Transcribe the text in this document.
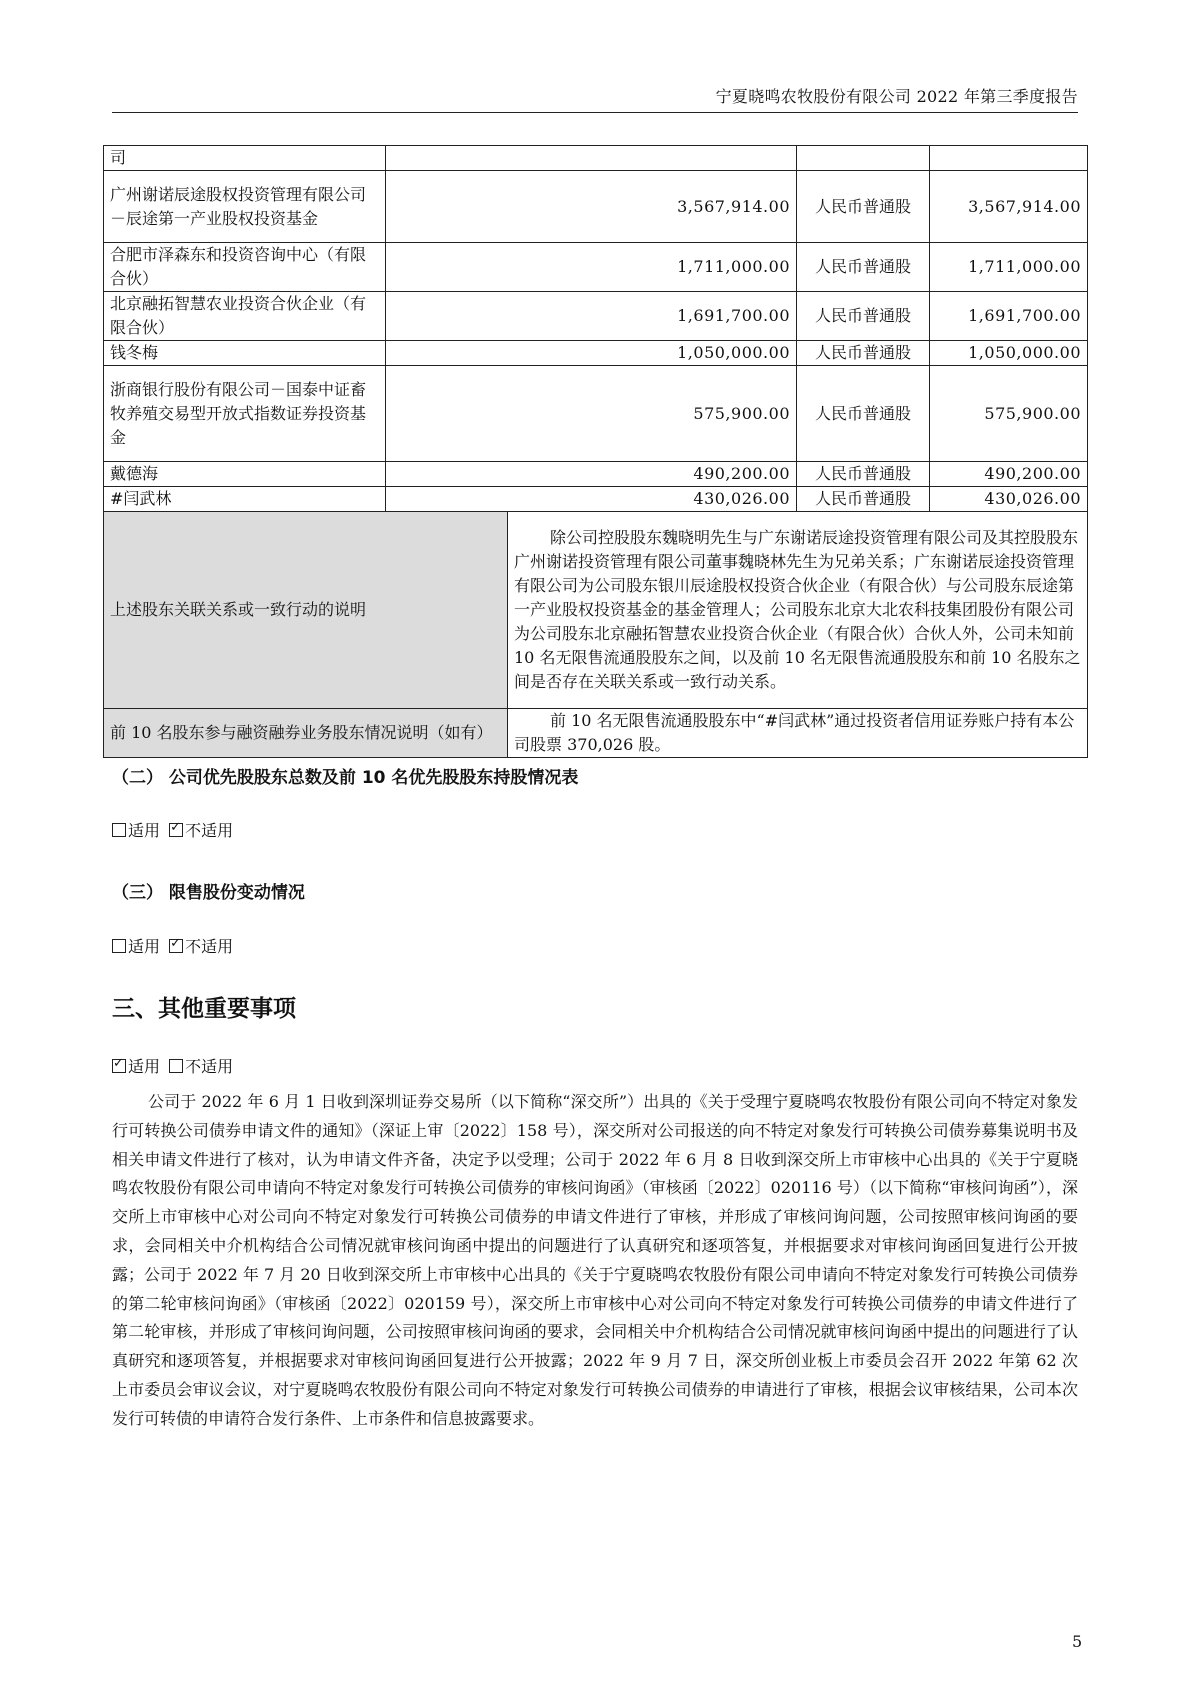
宁夏晓鸣农牧股份有限公司 2022 年第三季度报告
司				
广州谢诺辰途股权投资管理有限公司－辰途第一产业股权投资基金	3,567,914.00		人民币普通股	3,567,914.00
合肥市泽森东和投资咨询中心（有限合伙）	1,711,000.00		人民币普通股	1,711,000.00
北京融拓智慧农业投资合伙企业（有限合伙）	1,691,700.00		人民币普通股	1,691,700.00
钱冬梅	1,050,000.00		人民币普通股	1,050,000.00
浙商银行股份有限公司－国泰中证畜牧养殖交易型开放式指数证券投资基金	575,900.00		人民币普通股	575,900.00
戴德海	490,200.00		人民币普通股	490,200.00
#闫武林	430,026.00		人民币普通股	430,026.00
上述股东关联关系或一致行动的说明		除公司控股股东魏晓明先生与广东谢诺辰途投资管理有限公司及其控股股东广州谢诺投资管理有限公司董事魏晓林先生为兄弟关系；广东谢诺辰途投资管理有限公司为公司股东银川辰途股权投资合伙企业（有限合伙）与公司股东辰途第一产业股权投资基金的基金管理人；公司股东北京大北农科技集团股份有限公司为公司股东北京融拓智慧农业投资合伙企业（有限合伙）合伙人外，公司未知前 10 名无限售流通股股东之间，以及前 10 名无限售流通股股东和前 10 名股东之间是否存在关联关系或一致行动关系。		
前 10 名股东参与融资融券业务股东情况说明（如有）		前 10 名无限售流通股股东中“#闫武林”通过投资者信用证券账户持有本公司股票 370,026 股。		
（二） 公司优先股股东总数及前 10 名优先股股东持股情况表
适用 ✓ 不适用
（三） 限售股份变动情况
适用 ✓ 不适用
三、其他重要事项
✓适用 不适用
公司于 2022 年 6 月 1 日收到深圳证券交易所（以下简称“深交所”）出具的《关于受理宁夏晓鸣农牧股份有限公司向不特定对象发行可转换公司债券申请文件的通知》（深证上审〔2022〕158 号），深交所对公司报送的向不特定对象发行可转换公司债券募集说明书及相关申请文件进行了核对，认为申请文件齐备，决定予以受理；公司于 2022 年 6 月 8 日收到深交所上市审核中心出具的《关于宁夏晓鸣农牧股份有限公司申请向不特定对象发行可转换公司债券的审核问询函》（审核函〔2022〕020116 号）（以下简称“审核问询函”），深交所上市审核中心对公司向不特定对象发行可转换公司债券的申请文件进行了审核，并形成了审核问询问题，公司按照审核问询函的要求，会同相关中介机构结合公司情况就审核问询函中提出的问题进行了认真研究和逐项答复，并根据要求对审核问询函回复进行公开披露；公司于 2022 年 7 月 20 日收到深交所上市审核中心出具的《关于宁夏晓鸣农牧股份有限公司申请向不特定对象发行可转换公司债券的第二轮审核问询函》（审核函〔2022〕020159 号），深交所上市审核中心对公司向不特定对象发行可转换公司债券的申请文件进行了第二轮审核，并形成了审核问询问题，公司按照审核问询函的要求，会同相关中介机构结合公司情况就审核问询函中提出的问题进行了认真研究和逐项答复，并根据要求对审核问询函回复进行公开披露；2022 年 9 月 7 日，深交所创业板上市委员会召开 2022 年第 62 次上市委员会审议会议，对宁夏晓鸣农牧股份有限公司向不特定对象发行可转换公司债券的申请进行了审核，根据会议审核结果，公司本次发行可转债的申请符合发行条件、上市条件和信息披露要求。
5
